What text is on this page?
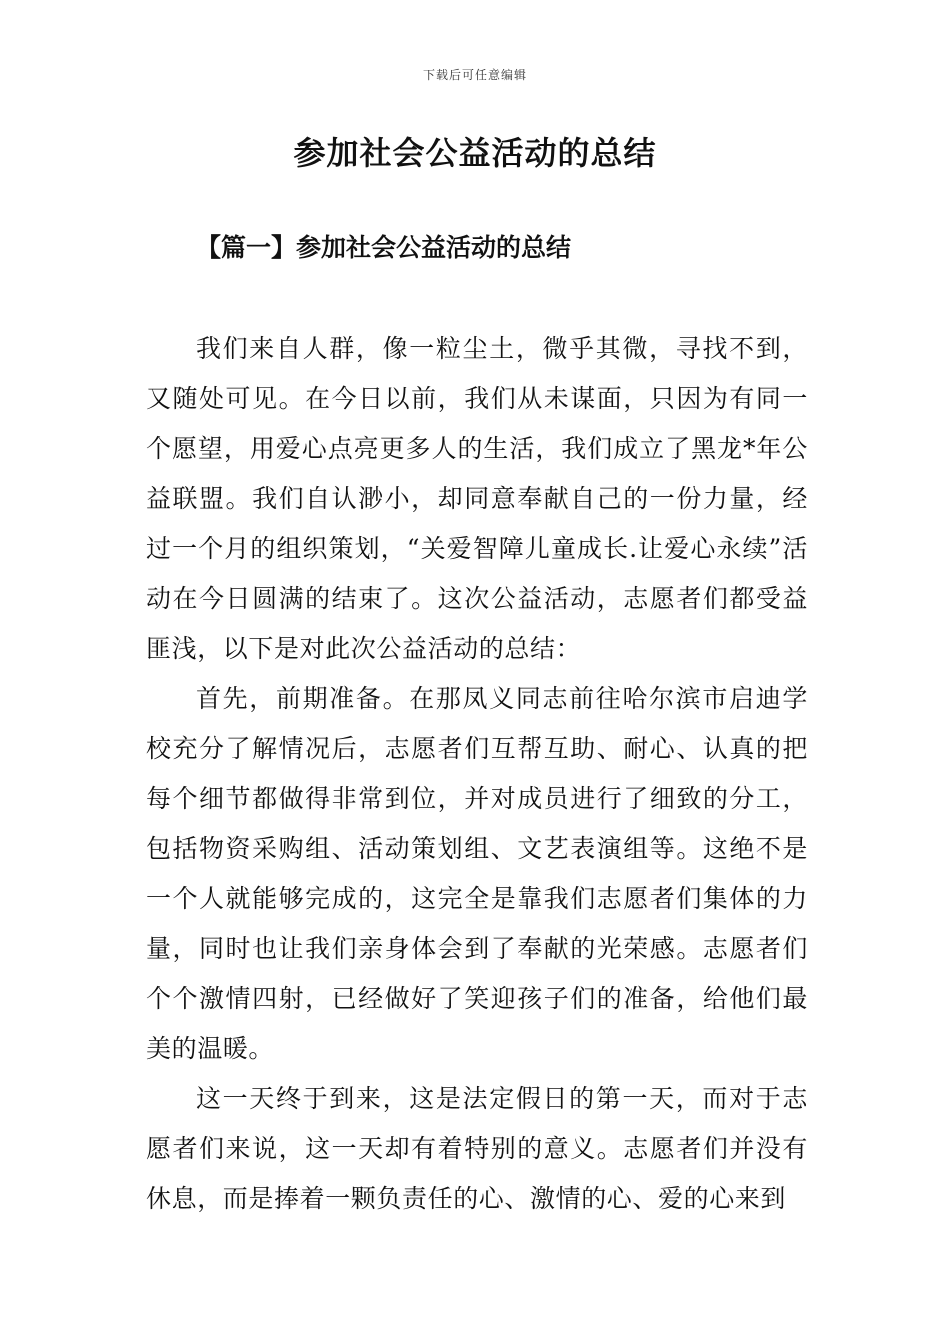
下载后可任意编辑
参加社会公益活动的总结
【篇一】参加社会公益活动的总结

我们来自人群，像一粒尘土，微乎其微，寻找不到，又随处可见。在今日以前，我们从未谋面，只因为有同一个愿望，用爱心点亮更多人的生活，我们成立了黑龙*年公益联盟。我们自认渺小，却同意奉献自己的一份力量，经过一个月的组织策划，“关爱智障儿童成长.让爱心永续”活动在今日圆满的结束了。这次公益活动，志愿者们都受益匪浅，以下是对此次公益活动的总结：

首先，前期准备。在那凤义同志前往哈尔滨市启迪学校充分了解情况后，志愿者们互帮互助、耐心、认真的把每个细节都做得非常到位，并对成员进行了细致的分工，包括物资采购组、活动策划组、文艺表演组等。这绝不是一个人就能够完成的，这完全是靠我们志愿者们集体的力量，同时也让我们亲身体会到了奉献的光荣感。志愿者们个个激情四射，已经做好了笑迎孩子们的准备，给他们最美的温暖。

这一天终于到来，这是法定假日的第一天，而对于志愿者们来说，这一天却有着特别的意义。志愿者们并没有休息，而是捧着一颗负责任的心、激情的心、爱的心来到
